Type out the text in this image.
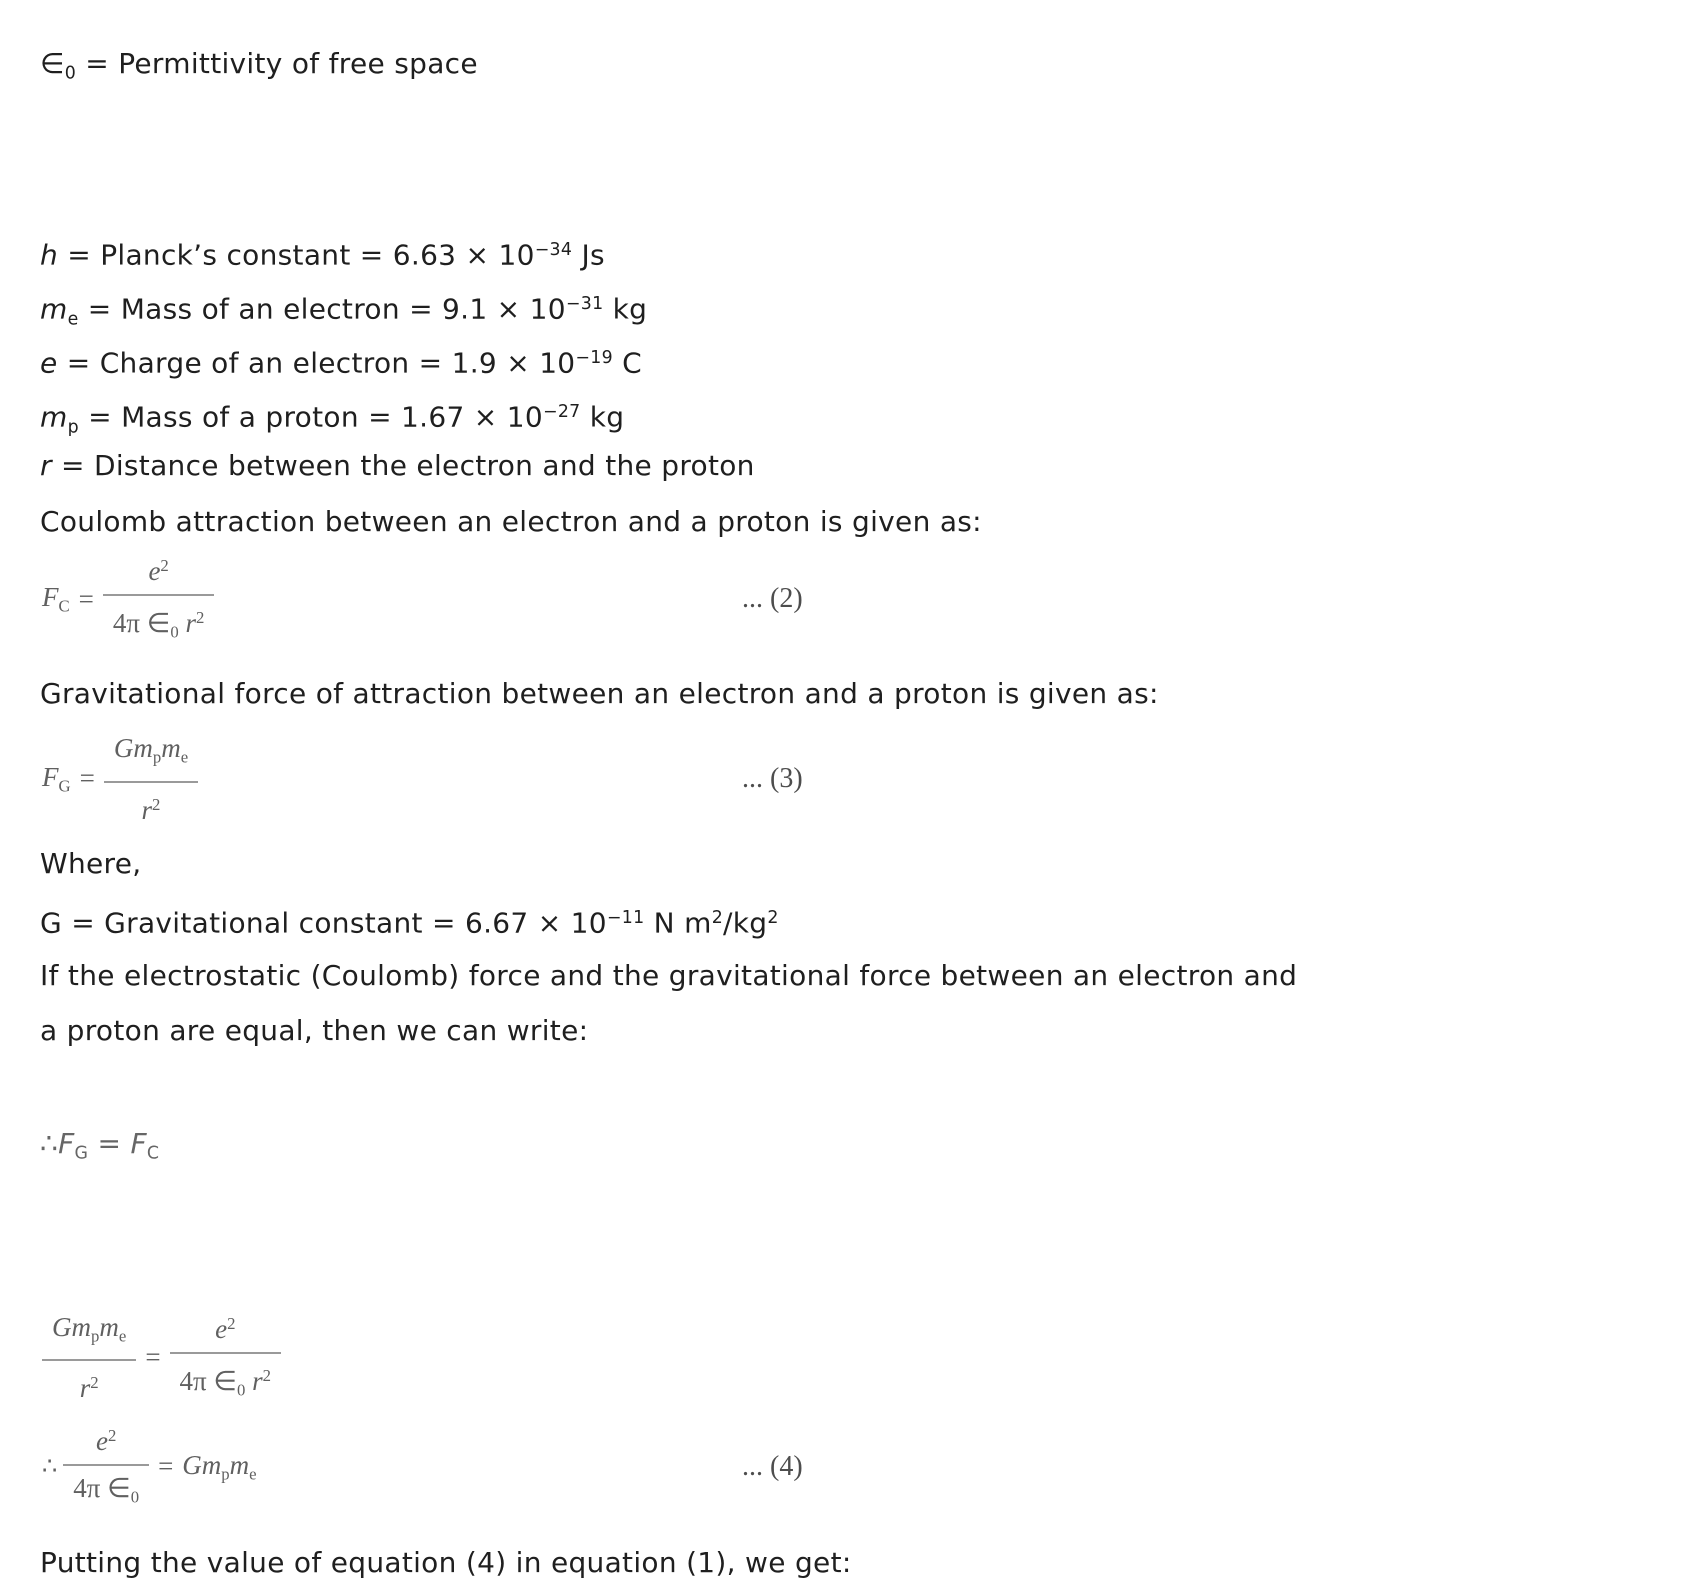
$\in_0$ = Permittivity of free space
h = Planck’s constant = $6.63 \times 10^{-34}$ Js
$m_e$ = Mass of an electron = $9.1 \times 10^{-31}$ kg
e = Charge of an electron = $1.9 \times 10^{-19}$ C
$m_p$ = Mass of a proton = $1.67 \times 10^{-27}$ kg
r = Distance between the electron and the proton
Coulomb attraction between an electron and a proton is given as:
$F_C = \frac{e^2}{4\pi \in_0 r^2}$	... (2)
Gravitational force of attraction between an electron and a proton is given as:
$F_G = \frac{Gm_pm_e}{r^2}$	... (3)
Where,
G = Gravitational constant = $6.67 \times 10^{-11}$ N $m^2/kg^2$
If the electrostatic (Coulomb) force and the gravitational force between an electron and
a proton are equal, then we can write:
$\therefore F_G = F_C$
$\frac{Gm_pm_e}{r^2} = \frac{e^2}{4\pi \in_0 r^2}$
∴ $\frac{e^2}{4\pi \in_0} = Gm_pm_e$	... (4)
Putting the value of equation (4) in equation (1), we get:
